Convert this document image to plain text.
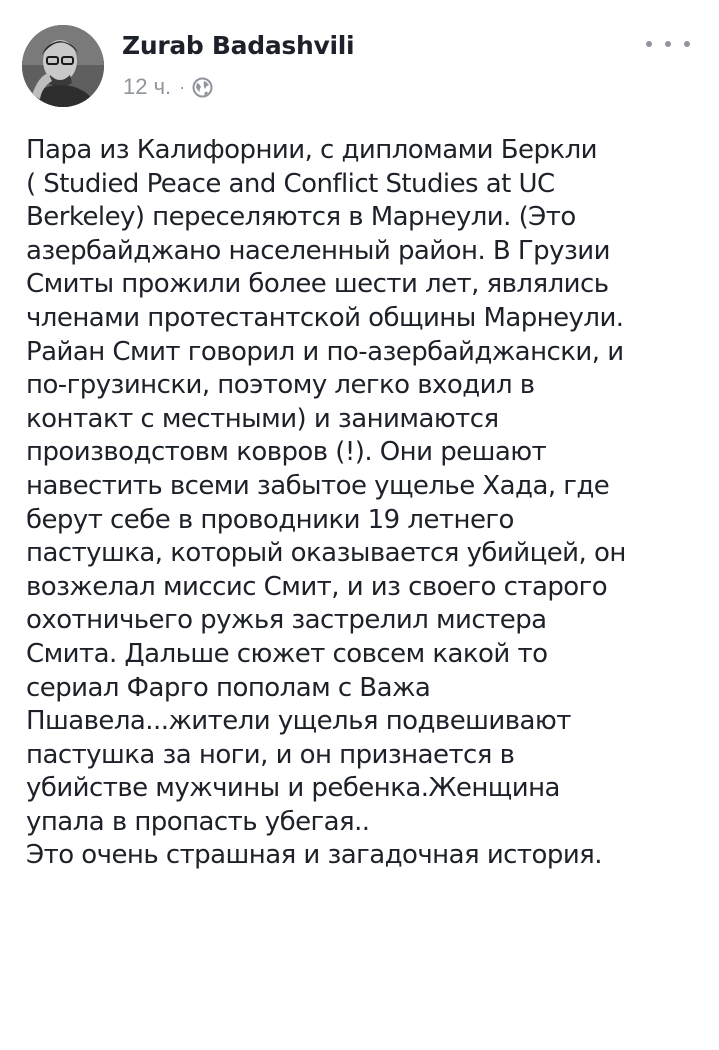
Zurab Badashvili
12 ч. ·
Пара из Калифорнии, с дипломами Беркли
( Studied Peace and Conflict Studies at UC
Berkeley) переселяются в Марнеули. (Это
азербайджано населенный район. В Грузии
Смиты прожили более шести лет, являлись
членами протестантской общины Марнеули.
Райан Смит говорил и по-азербайджански, и
по-грузински, поэтому легко входил в
контакт с местными) и занимаются
производстовм ковров (!). Они решают
навестить всеми забытое ущелье Хада, где
берут себе в проводники 19 летнего
пастушка, который оказывается убийцей, он
возжелал миссис Смит, и из своего старого
охотничьего ружья застрелил мистера
Смита. Дальше сюжет совсем какой то
сериал Фарго пополам с Важа
Пшавела...жители ущелья подвешивают
пастушка за ноги, и он признается в
убийстве мужчины и ребенка.Женщина
упала в пропасть убегая..
Это очень страшная и загадочная история.
